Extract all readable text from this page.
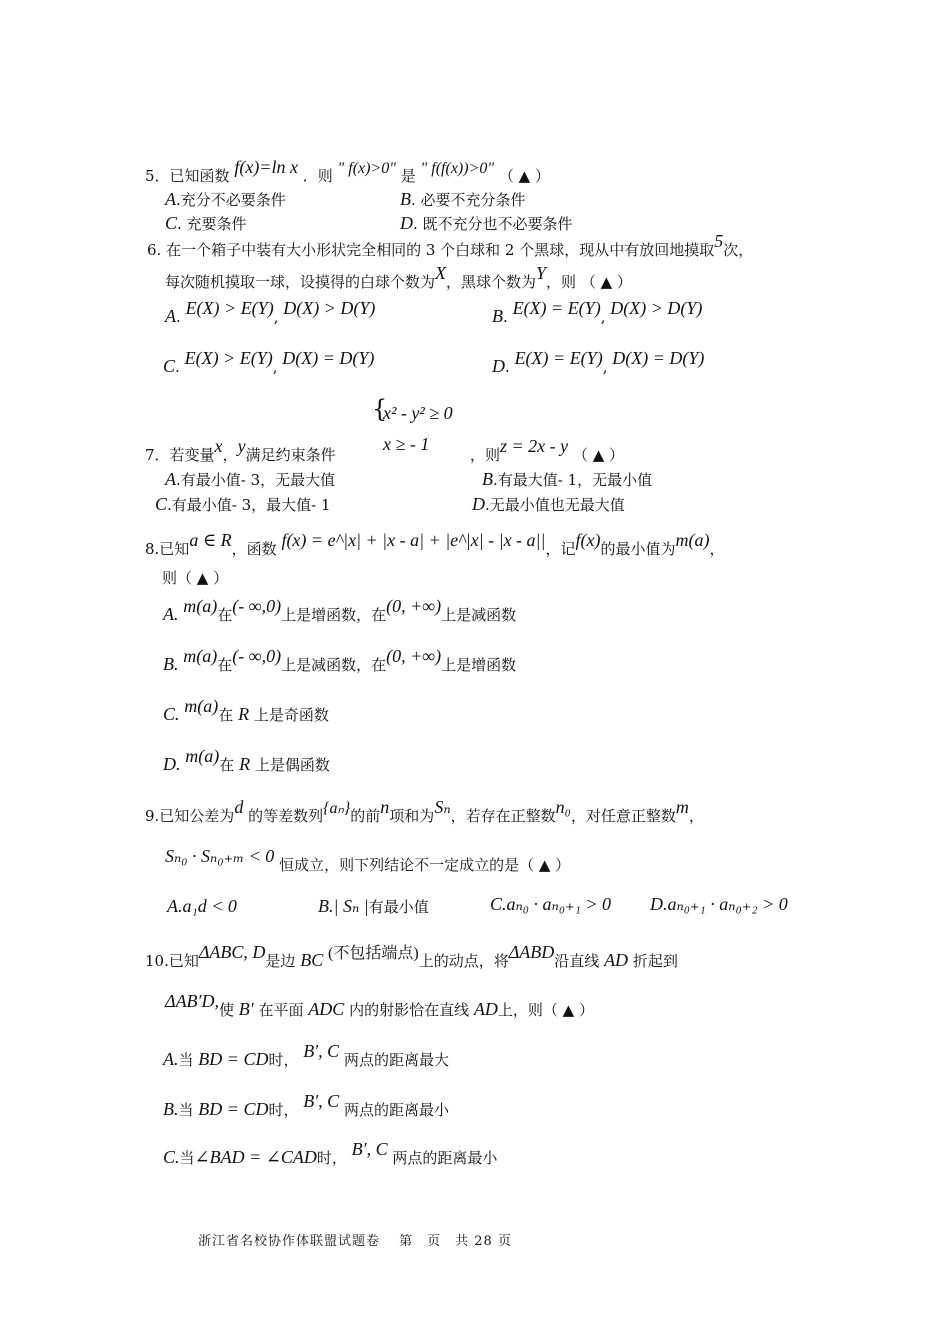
5．已知函数 f(x)=ln x ．则 " f(x)>0" 是 " f(f(x))>0" （ ▲ ）
A.充分不必要条件	B. 必要不充分条件
C. 充要条件	D. 既不充分也不必要条件
6. 在一个箱子中装有大小形状完全相同的 3 个白球和 2 个黑球，现从中有放回地摸取5次，
每次随机摸取一球，设摸得的白球个数为X，黑球个数为Y，则 （ ▲ ）
A. E(X) > E(Y), D(X) > D(Y)	B. E(X) = E(Y), D(X) > D(Y)
C. E(X) > E(Y), D(X) = D(Y)	D. E(X) = E(Y), D(X) = D(Y)
{
x² - y² ≥ 0
x ≥ - 1
7．若变量x，y满足约束条件	，则z = 2x - y （ ▲ ）
A.有最小值- 3，无最大值	B.有最大值- 1，无最小值
C.有最小值- 3，最大值- 1	D.无最小值也无最大值
8.已知a ∈ R，函数 f(x) = e^|x| + |x - a| + |e^|x| - |x - a||，记f(x)的最小值为m(a)，
则（ ▲ ）
A. m(a)在(- ∞,0)上是增函数，在(0, +∞)上是减函数
B. m(a)在(- ∞,0)上是减函数，在(0, +∞)上是增函数
C. m(a)在 R 上是奇函数
D. m(a)在 R 上是偶函数
9.已知公差为d 的等差数列{aₙ}的前n项和为Sₙ，若存在正整数n₀，对任意正整数m，
Sₙ₀ · Sₙ₀₊ₘ < 0 恒成立，则下列结论不一定成立的是（ ▲ ）
A.a₁d < 0	B.| Sₙ |有最小值	C.aₙ₀ · aₙ₀₊₁ > 0 D.aₙ₀₊₁ · aₙ₀₊₂ > 0
10.已知ΔABC, D是边 BC (不包括端点)上的动点，将ΔABD沿直线 AD 折起到
ΔAB′D,使 B′ 在平面 ADC 内的射影恰在直线 AD上，则（ ▲ ）
A.当 BD = CD时， B′, C 两点的距离最大
B.当 BD = CD时， B′, C 两点的距离最小
C.当∠BAD = ∠CAD时， B′, C 两点的距离最小
浙江省名校协作体联盟试题卷　 第　页　共 28 页
